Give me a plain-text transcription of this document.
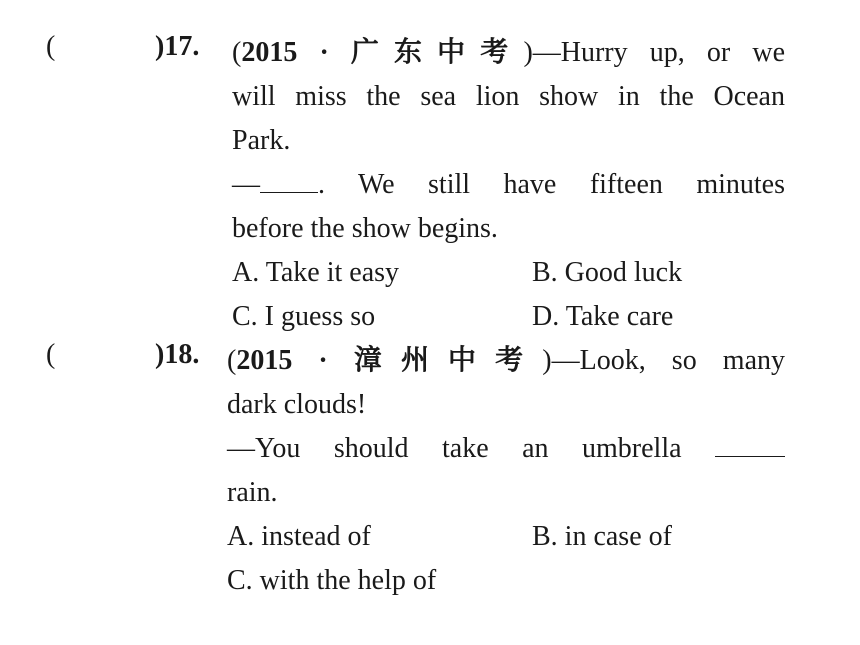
(	)17. (2015 · 广东中考)—Hurry up, or we
will miss the sea lion show in the Ocean
Park.
— . We still have fifteen minutes
before the show begins.
A. Take it easy	B. Good luck
C. I guess so	D. Take care
(	)18. (2015 · 漳州中考)—Look, so many
dark clouds!
—You should take an umbrella
rain.
A. instead of	B. in case of
C. with the help of
